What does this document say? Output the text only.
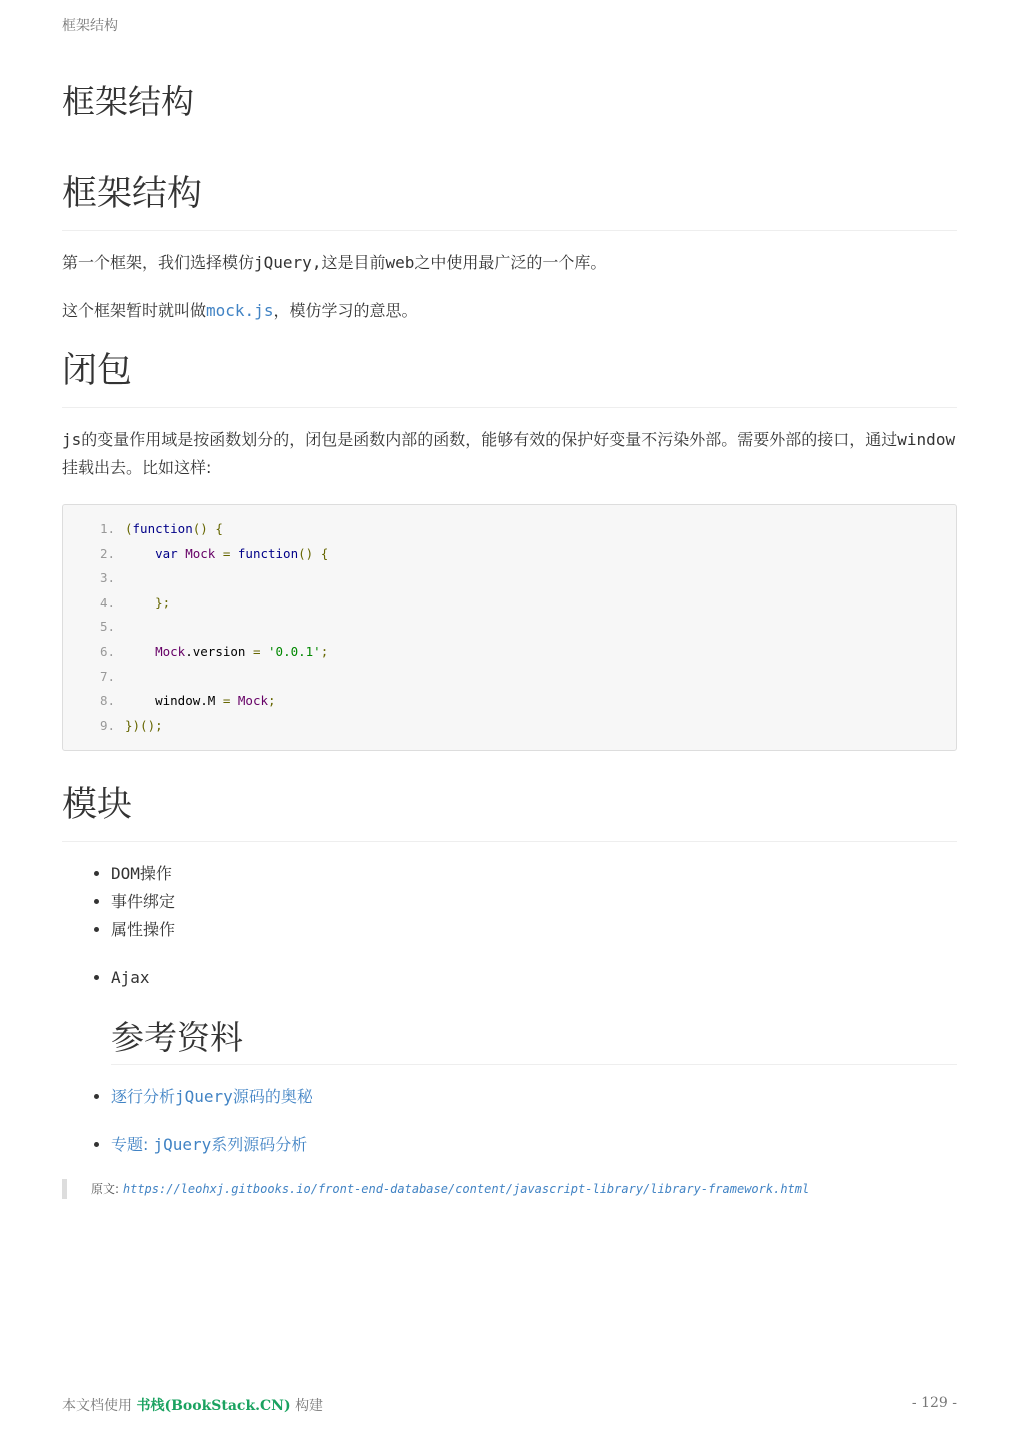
框架结构
框架结构
框架结构

第一个框架，我们选择模仿jQuery,这是目前web之中使用最广泛的一个库。

这个框架暂时就叫做mock.js，模仿学习的意思。

闭包

js的变量作用域是按函数划分的，闭包是函数内部的函数，能够有效的保护好变量不污染外部。需要外部的接口，通过window挂载出去。比如这样:

1. (function() {
2.	var Mock = function() {
3.
4.	};
5.
6.	Mock.version = '0.0.1';
7.
8.	window.M = Mock;
9. })();
模块
• DOM操作
• 事件绑定
• 属性操作
• Ajax
参考资料
• 逐行分析jQuery源码的奥秘
• 专题: jQuery系列源码分析
原文: https://leohxj.gitbooks.io/front-end-database/content/javascript-library/library-framework.html
本文档使用 书栈(BookStack.CN) 构建	- 129 -
